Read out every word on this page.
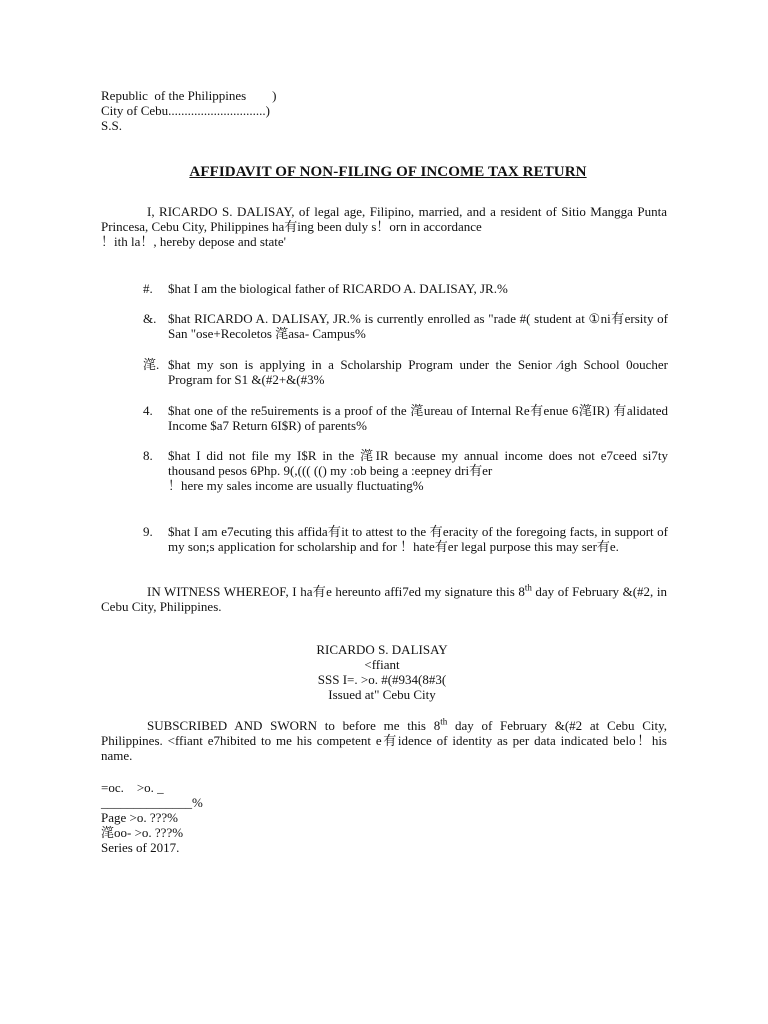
Republic  of the Philippines        )
City of Cebu..............................)
S.S.
AFFIDAVIT OF NON-FILING OF INCOME TAX RETURN
I, RICARDO S. DALISAY, of legal age, Filipino, married, and a resident of Sitio Mangga Punta Princesa, Cebu City, Philippines ha有ing been duly s！orn in accordance
！ith la！, hereby depose and state'
#.	$hat I am the biological father of RICARDO A. DALISAY, JR.%
&. $hat RICARDO A. DALISAY, JR.% is currently enrolled as "rade #( student at ①ni有ersity of San "ose+Recoletos 滗asa- Campus%
滗. $hat my son is applying in a Scholarship Program under the Senior ⁄igh School 0oucher Program for S1 &(#2+&(#3%
4.	$hat one of the re5uirements is a proof of the 滗ureau of Internal Re有enue 6滗IR) 有alidated Income $a7 Return 6I$R) of parents%
8.	$hat I did not file my I$R in the 滗IR because my annual income does not e7ceed si7ty thousand pesos 6Php. 9(,((( (() my :ob being a :eepney dri有er
！here my sales income are usually fluctuating%
9.	$hat I am e7ecuting this affida有it to attest to the 有eracity of the foregoing facts, in support of my son;s application for scholarship and for ！hate有er legal purpose this may ser有e.
IN WITNESS WHEREOF, I ha有e hereunto affi7ed my signature this 8th day of February &(#2, in Cebu City, Philippines.
RICARDO S. DALISAY
<ffiant
SSS I=. >o. #(#934(8#3(
Issued at" Cebu City
SUBSCRIBED AND SWORN to before me this 8th day of February &(#2 at Cebu City, Philippines. <ffiant e7hibited to me his competent e有idence of identity as per data indicated belo！his name.
=oc.    >o. _
______________%
Page >o. ???%
滗oo- >o. ???%
Series of 2017.
